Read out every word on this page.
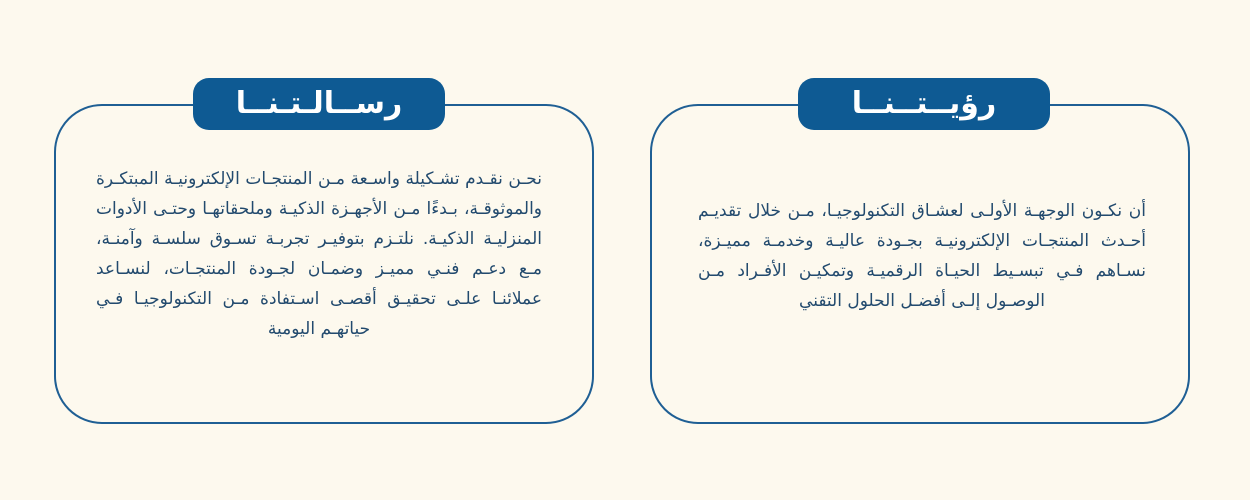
رســالـتـنــا
نحـن نقـدم تشـكيلة واسـعة مـن المنتجـات الإلكترونيـة المبتكـرة والموثوقـة، بـدءًا مـن الأجهـزة الذكيـة وملحقاتهـا وحتـى الأدوات المنزليـة الذكيـة. نلتـزم بتوفيـر تجربـة تسـوق سلسـة وآمنـة، مـع دعـم فنـي مميـز وضمـان لجـودة المنتجـات، لنسـاعد عملائنـا علـى تحقيـق أقصـى اسـتفادة مـن التكنولوجيـا فـي حياتهـم اليومية
رؤيــتــنــا
أن نكـون الوجهـة الأولـى لعشـاق التكنولوجيـا، مـن خلال تقديـم أحـدث المنتجـات الإلكترونيـة بجـودة عاليـة وخدمـة مميـزة، نسـاهم فـي تبسـيط الحيـاة الرقميـة وتمكيـن الأفـراد مـن الوصـول إلـى أفضـل الحلول التقني
